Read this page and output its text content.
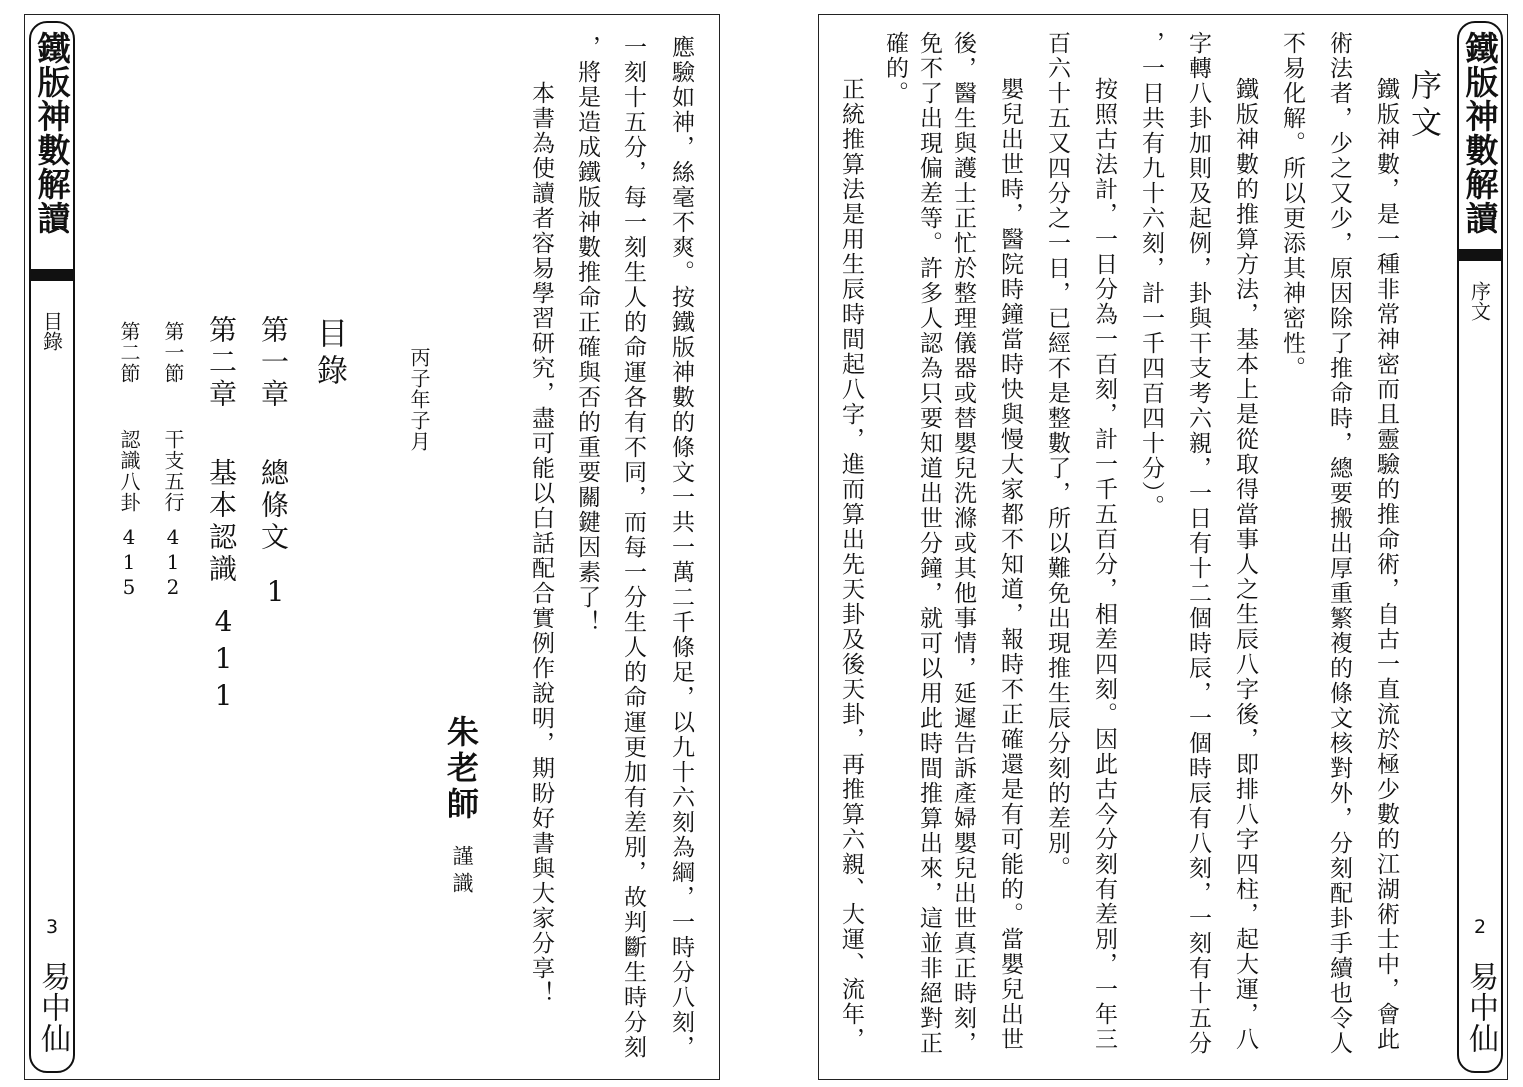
鐵版神數解讀
目錄
3
易中仙	應驗如神，絲毫不爽。按鐵版神數的條文一共一萬二千條足，以九十六刻為綱，一時分八刻，
一刻十五分，每一刻生人的命運各有不同，而每一分生人的命運更加有差別，故判斷生時分刻
，將是造成鐵版神數推命正確與否的重要關鍵因素了！
本書為使讀者容易學習研究，盡可能以白話配合實例作說明，期盼好書與大家分享！
丙子年子月
朱老師
謹識
目錄
第一章
總條文
1
第二章
基本認識
411
第一節
干支五行
412
第二節
認識八卦
415
鐵版神數解讀
序文
2
易中仙
序文
鐵版神數，是一種非常神密而且靈驗的推命術，自古一直流於極少數的江湖術士中，會此
術法者，少之又少，原因除了推命時，總要搬出厚重繁複的條文核對外，分刻配卦手續也令人
不易化解。所以更添其神密性。
鐵版神數的推算方法，基本上是從取得當事人之生辰八字後，即排八字四柱，起大運，八
字轉八卦加則及起例，卦與干支考六親，一日有十二個時辰，一個時辰有八刻，一刻有十五分
，一日共有九十六刻，計一千四百四十分）。
按照古法計，一日分為一百刻，計一千五百分，相差四刻。因此古今分刻有差別，一年三
百六十五又四分之一日，已經不是整數了，所以難免出現推生辰分刻的差別。
嬰兒出世時，醫院時鐘當時快與慢大家都不知道，報時不正確還是有可能的。當嬰兒出世
後，醫生與護士正忙於整理儀器或替嬰兒洗滌或其他事情，延遲告訴產婦嬰兒出世真正時刻，
免不了出現偏差等。許多人認為只要知道出世分鐘，就可以用此時間推算出來，這並非絕對正
確的。
正統推算法是用生辰時間起八字，進而算出先天卦及後天卦，再推算六親、大運、流年，
